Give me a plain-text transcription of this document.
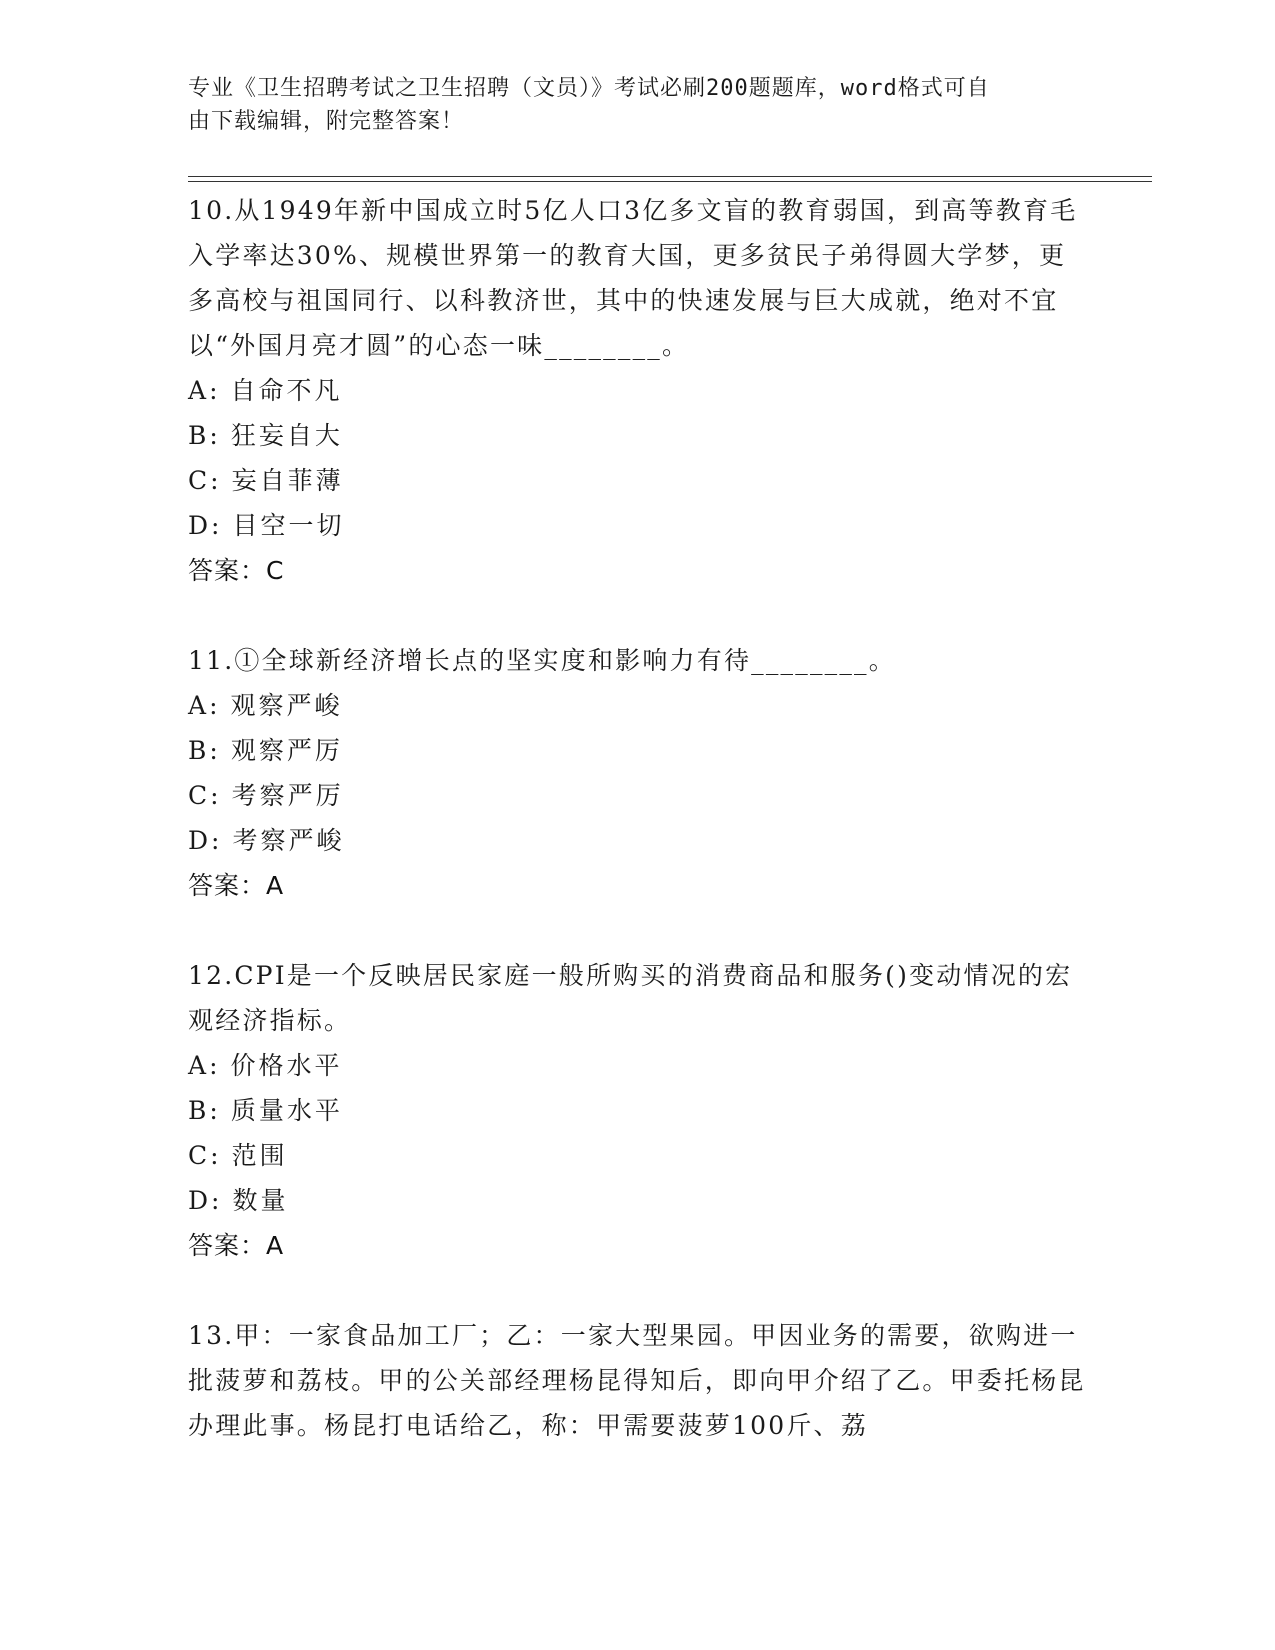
专业《卫生招聘考试之卫生招聘（文员）》考试必刷200题题库，word格式可自
由下载编辑，附完整答案！
10.从1949年新中国成立时5亿人口3亿多文盲的教育弱国，到高等教育毛入学率达30%、规模世界第一的教育大国，更多贫民子弟得圆大学梦，更多高校与祖国同行、以科教济世，其中的快速发展与巨大成就，绝对不宜以“外国月亮才圆”的心态一味________。
A: 自命不凡
B: 狂妄自大
C: 妄自菲薄
D: 目空一切
答案：C
11.①全球新经济增长点的坚实度和影响力有待________。
A: 观察严峻
B: 观察严厉
C: 考察严厉
D: 考察严峻
答案：A
12.CPI是一个反映居民家庭一般所购买的消费商品和服务()变动情况的宏观经济指标。
A: 价格水平
B: 质量水平
C: 范围
D: 数量
答案：A
13.甲：一家食品加工厂；乙：一家大型果园。甲因业务的需要，欲购进一批菠萝和荔枝。甲的公关部经理杨昆得知后，即向甲介绍了乙。甲委托杨昆办理此事。杨昆打电话给乙，称：甲需要菠萝100斤、荔
